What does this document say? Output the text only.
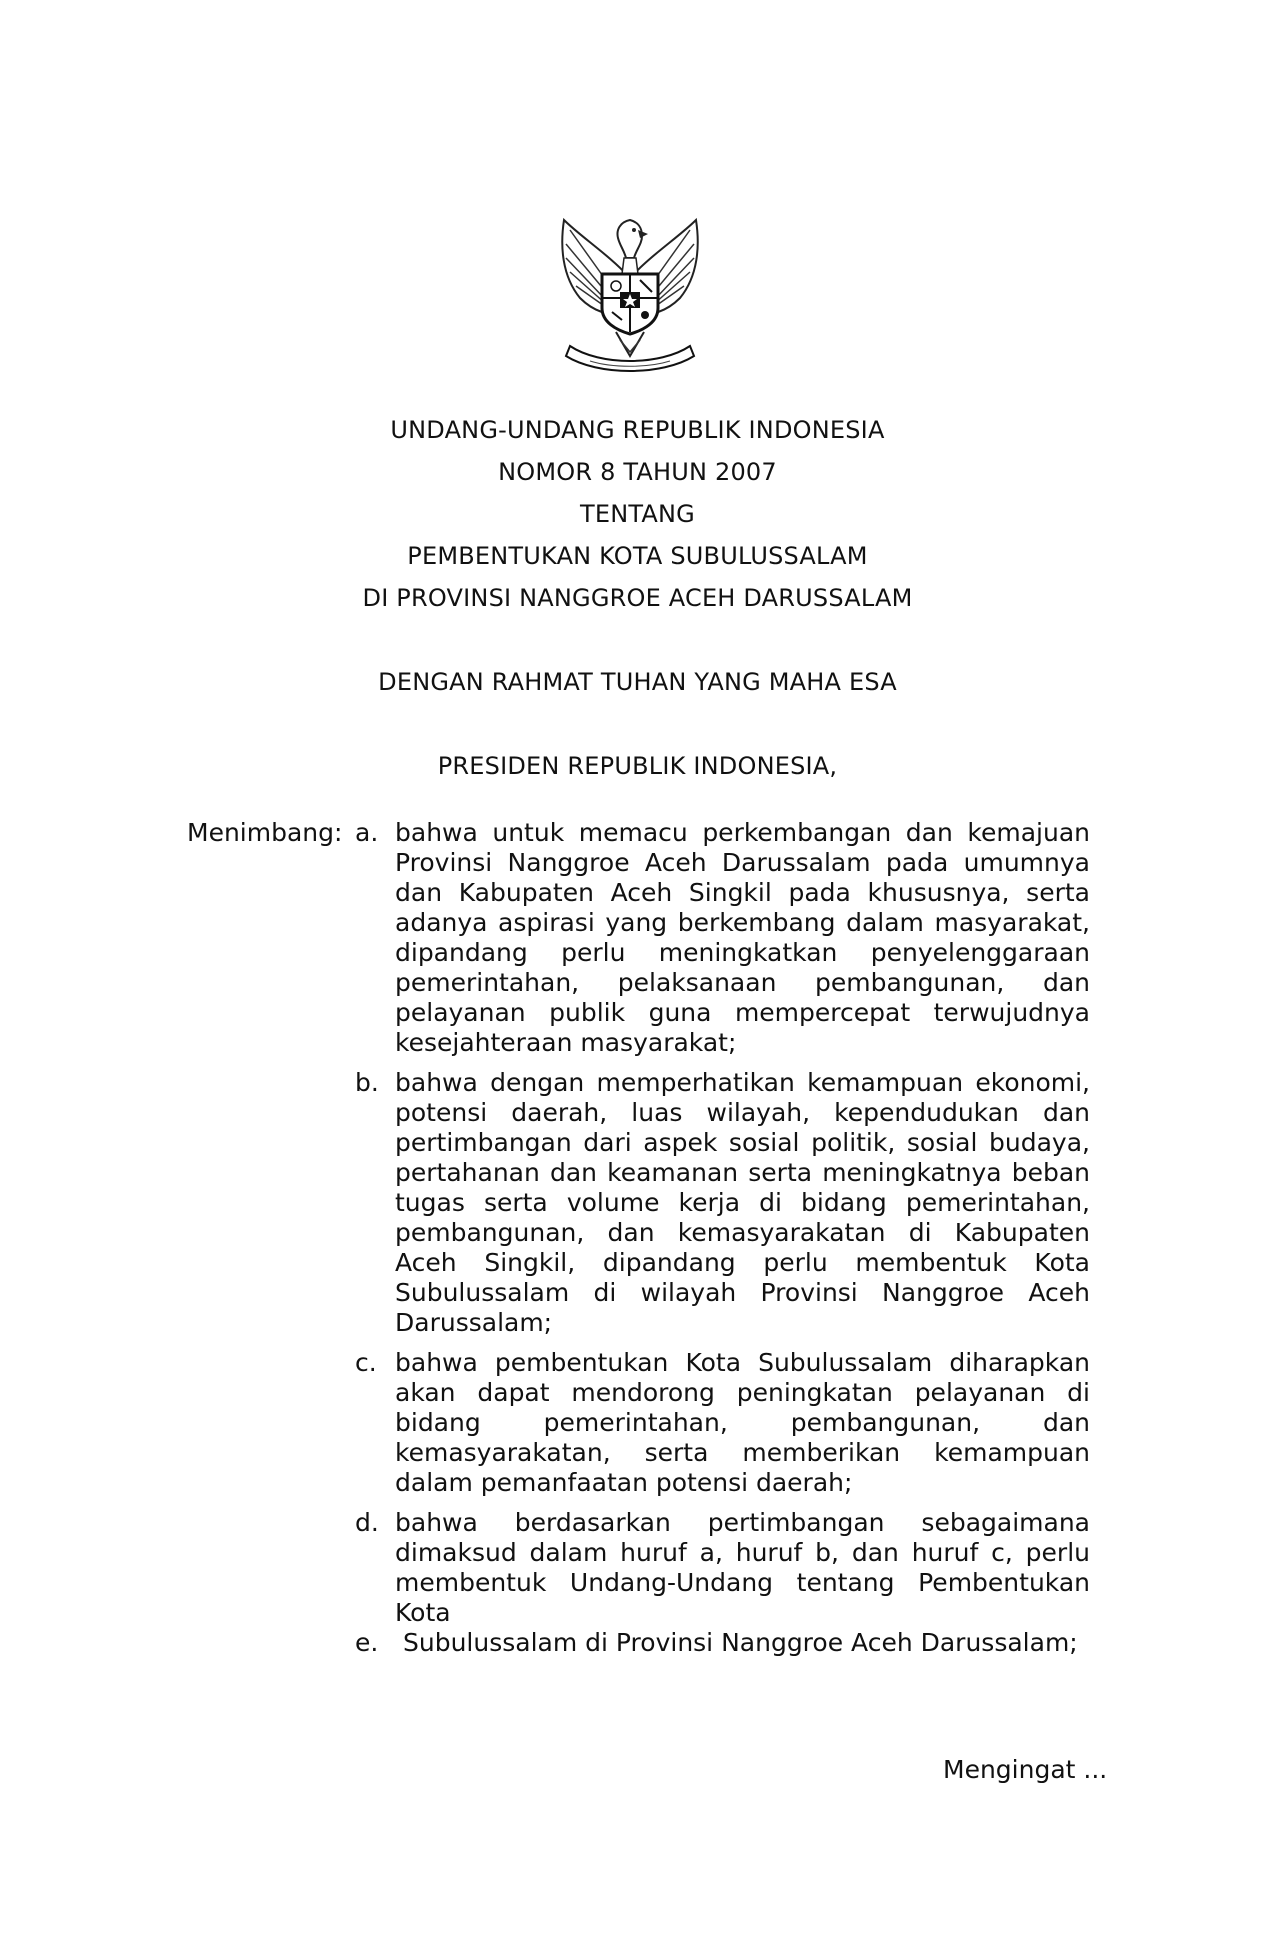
UNDANG-UNDANG REPUBLIK INDONESIA
NOMOR 8 TAHUN 2007
TENTANG
PEMBENTUKAN KOTA SUBULUSSALAM
DI PROVINSI NANGGROE ACEH DARUSSALAM
DENGAN RAHMAT TUHAN YANG MAHA ESA
PRESIDEN REPUBLIK INDONESIA,
Menimbang: a. bahwa untuk memacu perkembangan dan kemajuan Provinsi Nanggroe Aceh Darussalam pada umumnya dan Kabupaten Aceh Singkil pada khususnya, serta adanya aspirasi yang berkembang dalam masyarakat, dipandang perlu meningkatkan penyelenggaraan pemerintahan, pelaksanaan pembangunan, dan pelayanan publik guna mempercepat terwujudnya kesejahteraan masyarakat;
b. bahwa dengan memperhatikan kemampuan ekonomi, potensi daerah, luas wilayah, kependudukan dan pertimbangan dari aspek sosial politik, sosial budaya, pertahanan dan keamanan serta meningkatnya beban tugas serta volume kerja di bidang pemerintahan, pembangunan, dan kemasyarakatan di Kabupaten Aceh Singkil, dipandang perlu membentuk Kota Subulussalam di wilayah Provinsi Nanggroe Aceh Darussalam;
c. bahwa pembentukan Kota Subulussalam diharapkan akan dapat mendorong peningkatan pelayanan di bidang pemerintahan, pembangunan, dan kemasyarakatan, serta memberikan kemampuan dalam pemanfaatan potensi daerah;
d. bahwa berdasarkan pertimbangan sebagaimana dimaksud dalam huruf a, huruf b, dan huruf c, perlu membentuk Undang-Undang tentang Pembentukan Kota
e. Subulussalam di Provinsi Nanggroe Aceh Darussalam;
Mengingat ...
